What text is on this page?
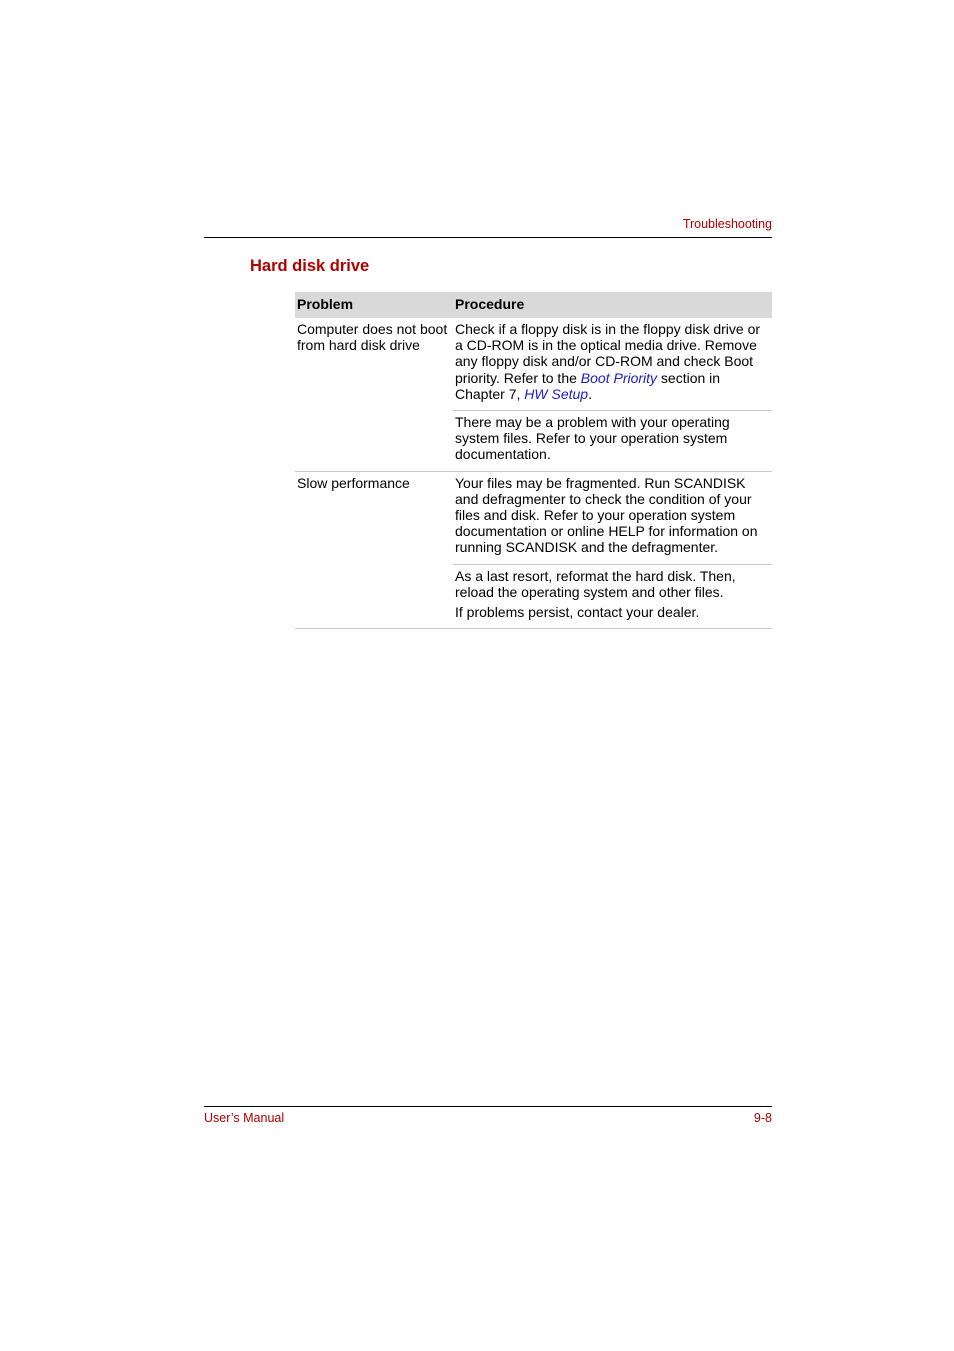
Troubleshooting
Hard disk drive
Problem	Procedure
Computer does not boot from hard disk drive	Check if a floppy disk is in the floppy disk drive or a CD-ROM is in the optical media drive. Remove any floppy disk and/or CD-ROM and check Boot priority. Refer to the Boot Priority section in Chapter 7, HW Setup.
	There may be a problem with your operating system files. Refer to your operation system documentation.
Slow performance	Your files may be fragmented. Run SCANDISK and defragmenter to check the condition of your files and disk. Refer to your operation system documentation or online HELP for information on running SCANDISK and the defragmenter.

	As a last resort, reformat the hard disk. Then, reload the operating system and other files.

If problems persist, contact your dealer.

User’s Manual	9-8
